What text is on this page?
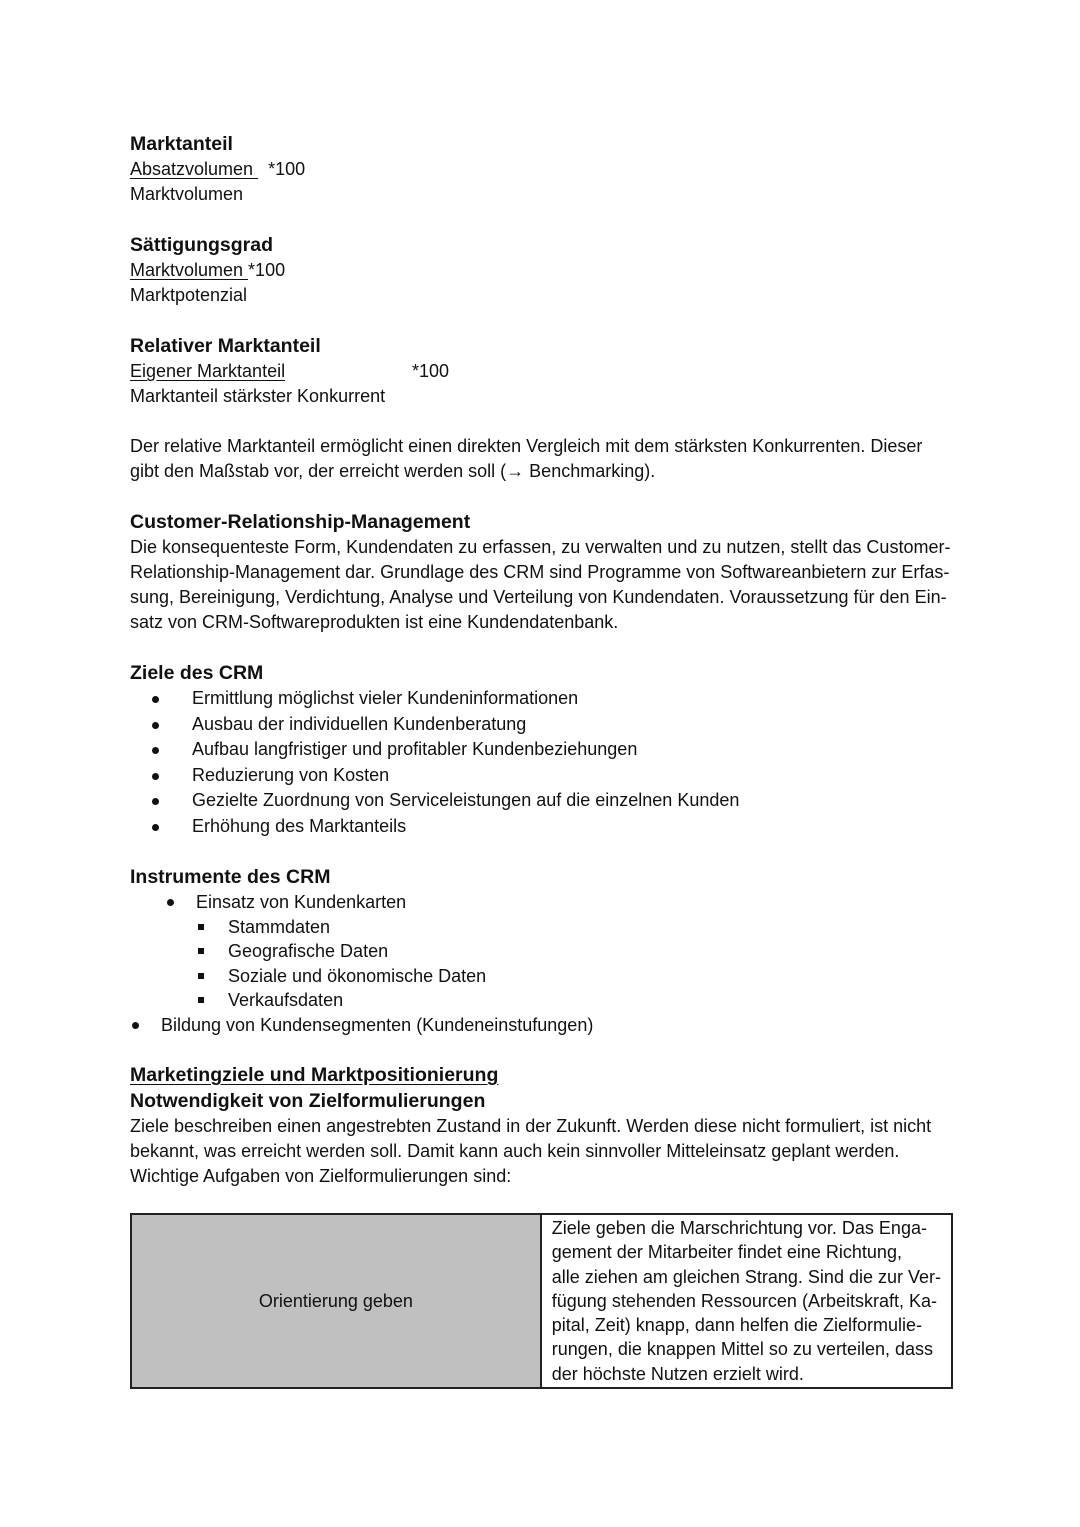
Marktanteil

Absatzvolumen *100

Marktvolumen

Sättigungsgrad

Marktvolumen *100

Marktpotenzial

Relativer Marktanteil

Eigener Marktanteil	*100

Marktanteil stärkster Konkurrent

Der relative Marktanteil ermöglicht einen direkten Vergleich mit dem stärksten Konkurrenten. Dieser

gibt den Maßstab vor, der erreicht werden soll (→ Benchmarking).

Customer-Relationship-Management

Die konsequenteste Form, Kundendaten zu erfassen, zu verwalten und zu nutzen, stellt das Customer-

Relationship-Management dar. Grundlage des CRM sind Programme von Softwareanbietern zur Erfas-

sung, Bereinigung, Verdichtung, Analyse und Verteilung von Kundendaten. Voraussetzung für den Ein-

satz von CRM-Softwareprodukten ist eine Kundendatenbank.

Ziele des CRM

Ermittlung möglichst vieler Kundeninformationen
Ausbau der individuellen Kundenberatung
Aufbau langfristiger und profitabler Kundenbeziehungen
Reduzierung von Kosten
Gezielte Zuordnung von Serviceleistungen auf die einzelnen Kunden
Erhöhung des Marktanteils

Instrumente des CRM

Einsatz von Kundenkarten
Stammdaten
Geografische Daten
Soziale und ökonomische Daten
Verkaufsdaten
Bildung von Kundensegmenten (Kundeneinstufungen)

Marketingziele und Marktpositionierung

Notwendigkeit von Zielformulierungen

Ziele beschreiben einen angestrebten Zustand in der Zukunft. Werden diese nicht formuliert, ist nicht

bekannt, was erreicht werden soll. Damit kann auch kein sinnvoller Mitteleinsatz geplant werden.

Wichtige Aufgaben von Zielformulierungen sind:

Orientierung geben	
Ziele geben die Marschrichtung vor. Das Enga-
gement der Mitarbeiter findet eine Richtung,
alle ziehen am gleichen Strang. Sind die zur Ver-
fügung stehenden Ressourcen (Arbeitskraft, Ka-
pital, Zeit) knapp, dann helfen die Zielformulie-
rungen, die knappen Mittel so zu verteilen, dass
der höchste Nutzen erzielt wird.
